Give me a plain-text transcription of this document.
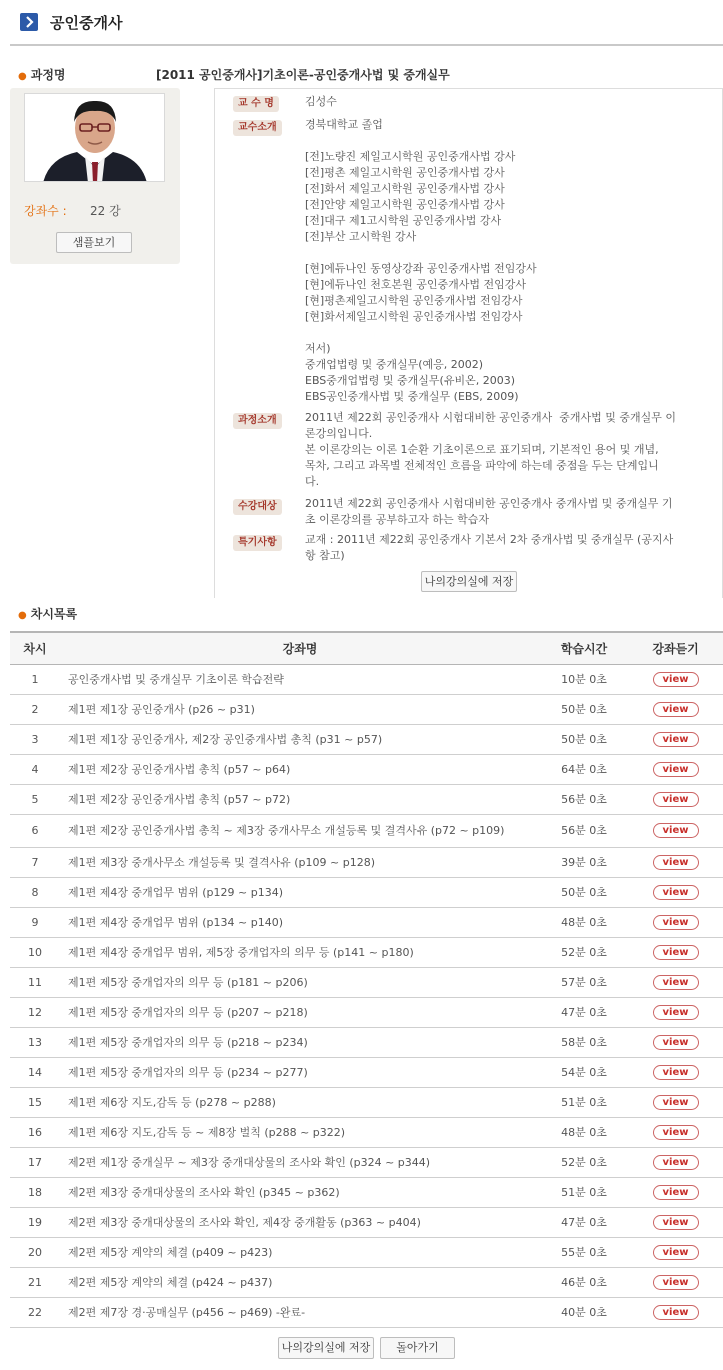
공인중개사
● 과정명	[2011 공인중개사]기초이론-공인중개사법 및 중개실무
강좌수 : 22 강
샘플보기
교 수 명	김성수
교수소개	경북대학교 졸업
[전]노량진 제일고시학원 공인중개사법 강사
[전]평촌 제일고시학원 공인중개사법 강사
[전]화서 제일고시학원 공인중개사법 강사
[전]안양 제일고시학원 공인중개사법 강사
[전]대구 제1고시학원 공인중개사법 강사
[전]부산 고시학원 강사
[현]에듀나인 동영상강좌 공인중개사법 전임강사
[현]에듀나인 천호본원 공인중개사법 전임강사
[현]평촌제일고시학원 공인중개사법 전임강사
[현]화서제일고시학원 공인중개사법 전임강사
저서)
중개업법령 및 중개실무(예응, 2002)
EBS중개업법령 및 중개실무(유비온, 2003)
EBS공인중개사법 및 중개실무 (EBS, 2009)
과정소개	2011년 제22회 공인중개사 시험대비한 공인중개사  중개사법 및 중개실무 이
론강의입니다.
본 이론강의는 이론 1순환 기초이론으로 표기되며, 기본적인 용어 및 개념,
목차, 그리고 과목별 전체적인 흐름을 파악에 하는데 중점을 두는 단계입니
다.
수강대상	2011년 제22회 공인중개사 시험대비한 공인중개사 중개사법 및 중개실무 기
초 이론강의를 공부하고자 하는 학습자
특기사항	교재 : 2011년 제22회 공인중개사 기본서 2차 중개사법 및 중개실무 (공지사
항 참고)
나의강의실에 저장
● 차시목록
차시	강좌명	학습시간	강좌듣기
1	공인중개사법 및 중개실무 기초이론 학습전략	10분 0초	view
2	제1편 제1장 공인중개사 (p26 ~ p31)	50분 0초	view
3	제1편 제1장 공인중개사, 제2장 공인중개사법 총칙 (p31 ~ p57)	50분 0초	view
4	제1편 제2장 공인중개사법 총칙 (p57 ~ p64)	64분 0초	view
5	제1편 제2장 공인중개사법 총칙 (p57 ~ p72)	56분 0초	view
6	제1편 제2장 공인중개사법 총칙 ~ 제3장 중개사무소 개설등록 및 결격사유 (p72 ~ p109)	56분 0초	view
7	제1편 제3장 중개사무소 개설등록 및 결격사유 (p109 ~ p128)	39분 0초	view
8	제1편 제4장 중개업무 범위 (p129 ~ p134)	50분 0초	view
9	제1편 제4장 중개업무 범위 (p134 ~ p140)	48분 0초	view
10	제1편 제4장 중개업무 범위, 제5장 중개업자의 의무 등 (p141 ~ p180)	52분 0초	view
11	제1편 제5장 중개업자의 의무 등 (p181 ~ p206)	57분 0초	view
12	제1편 제5장 중개업자의 의무 등 (p207 ~ p218)	47분 0초	view
13	제1편 제5장 중개업자의 의무 등 (p218 ~ p234)	58분 0초	view
14	제1편 제5장 중개업자의 의무 등 (p234 ~ p277)	54분 0초	view
15	제1편 제6장 지도,감독 등 (p278 ~ p288)	51분 0초	view
16	제1편 제6장 지도,감독 등 ~ 제8장 벌칙 (p288 ~ p322)	48분 0초	view
17	제2편 제1장 중개실무 ~ 제3장 중개대상물의 조사와 확인 (p324 ~ p344)	52분 0초	view
18	제2편 제3장 중개대상물의 조사와 확인 (p345 ~ p362)	51분 0초	view
19	제2편 제3장 중개대상물의 조사와 확인, 제4장 중개활동 (p363 ~ p404)	47분 0초	view
20	제2편 제5장 계약의 체결 (p409 ~ p423)	55분 0초	view
21	제2편 제5장 계약의 체결 (p424 ~ p437)	46분 0초	view
22	제2편 제7장 경·공매실무 (p456 ~ p469) -완료-	40분 0초	view
나의강의실에 저장	돌아가기
